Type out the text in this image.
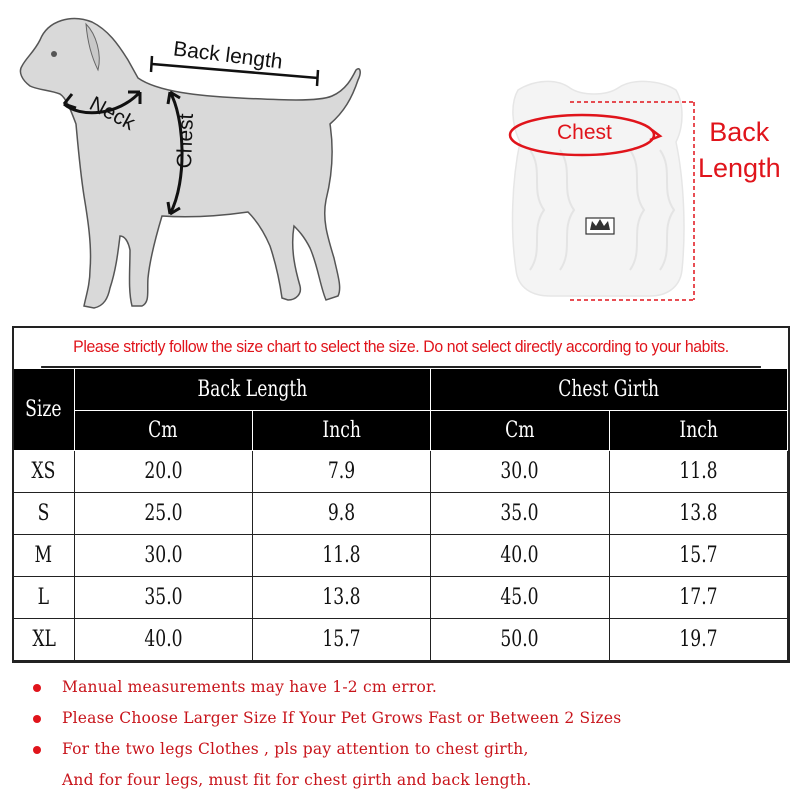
Back length
Neck Chest	Chest	Back
Length
Please strictly follow the size chart to select the size. Do not select directly according to your habits.
Size	Back Length		Chest Girth	
	Cm	Inch	Cm	Inch
XS	20.0	7.9	30.0	11.8
S	25.0	9.8	35.0	13.8
M	30.0	11.8	40.0	15.7
L	35.0	13.8	45.0	17.7
XL	40.0	15.7	50.0	19.7
Manual measurements may have 1-2 cm error.
Please Choose Larger Size If Your Pet Grows Fast or Between 2 Sizes
For the two legs Clothes , pls pay attention to chest girth,
And for four legs, must fit for chest girth and back length.
